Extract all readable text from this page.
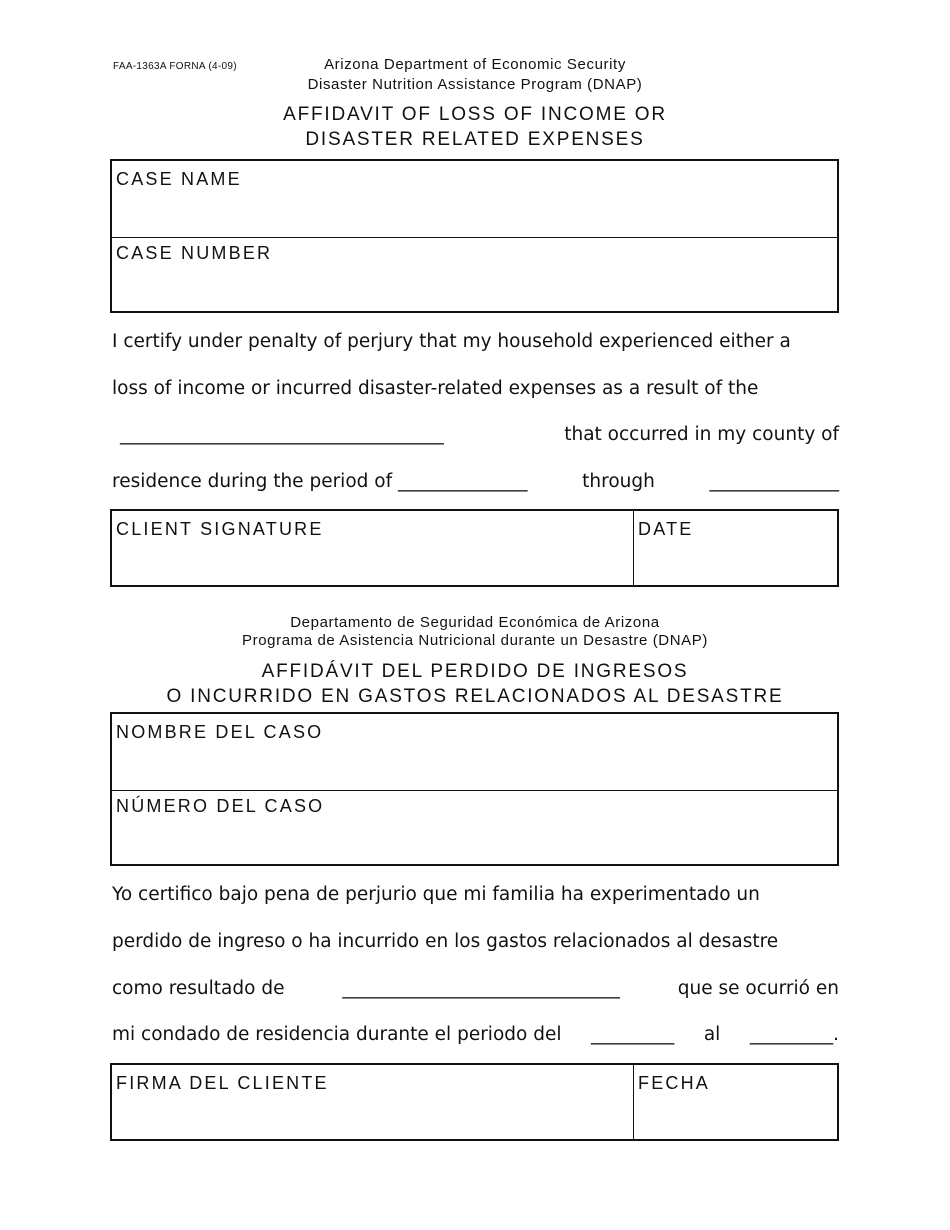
FAA-1363A FORNA (4-09)	Arizona Department of Economic Security
Disaster Nutrition Assistance Program (DNAP)
AFFIDAVIT OF LOSS OF INCOME OR
DISASTER RELATED EXPENSES
CASE NAME
CASE NUMBER
I certify under penalty of perjury that my household experienced either a
loss of income or incurred disaster-related expenses as a result of the
___________________________________	that occurred in my county of
residence during the period of ______________	through	______________
CLIENT SIGNATURE	DATE
Departamento de Seguridad Económica de Arizona
Programa de Asistencia Nutricional durante un Desastre (DNAP)
AFFIDÁVIT DEL PERDIDO DE INGRESOS
O INCURRIDO EN GASTOS RELACIONADOS AL DESASTRE
NOMBRE DEL CASO
NÚMERO DEL CASO
Yo certifico bajo pena de perjurio que mi familia ha experimentado un
perdido de ingreso o ha incurrido en los gastos relacionados al desastre
como resultado de	______________________________	que se ocurrió en
mi condado de residencia durante el periodo del _________ al _________.
FIRMA DEL CLIENTE	FECHA
